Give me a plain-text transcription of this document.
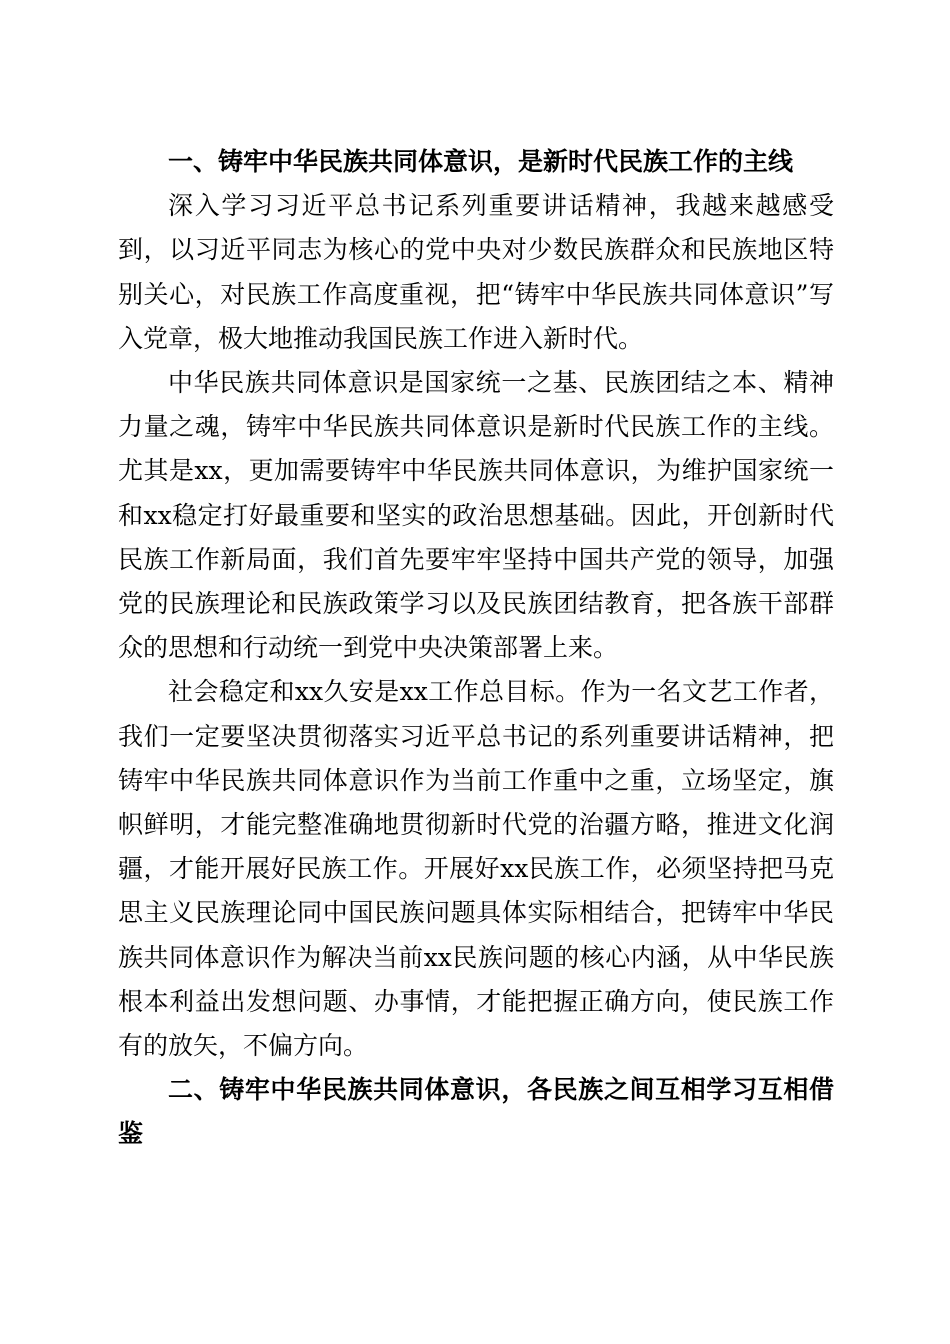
一、铸牢中华民族共同体意识，是新时代民族工作的主线

深入学习习近平总书记系列重要讲话精神，我越来越感受到，以习近平同志为核心的党中央对少数民族群众和民族地区特别关心，对民族工作高度重视，把“铸牢中华民族共同体意识”写入党章，极大地推动我国民族工作进入新时代。

中华民族共同体意识是国家统一之基、民族团结之本、精神力量之魂，铸牢中华民族共同体意识是新时代民族工作的主线。尤其是xx，更加需要铸牢中华民族共同体意识，为维护国家统一和xx稳定打好最重要和坚实的政治思想基础。因此，开创新时代民族工作新局面，我们首先要牢牢坚持中国共产党的领导，加强党的民族理论和民族政策学习以及民族团结教育，把各族干部群众的思想和行动统一到党中央决策部署上来。

社会稳定和xx久安是xx工作总目标。作为一名文艺工作者，我们一定要坚决贯彻落实习近平总书记的系列重要讲话精神，把铸牢中华民族共同体意识作为当前工作重中之重，立场坚定，旗帜鲜明，才能完整准确地贯彻新时代党的治疆方略，推进文化润疆，才能开展好民族工作。开展好xx民族工作，必须坚持把马克思主义民族理论同中国民族问题具体实际相结合，把铸牢中华民族共同体意识作为解决当前xx民族问题的核心内涵，从中华民族根本利益出发想问题、办事情，才能把握正确方向，使民族工作有的放矢，不偏方向。

二、铸牢中华民族共同体意识，各民族之间互相学习互相借鉴
